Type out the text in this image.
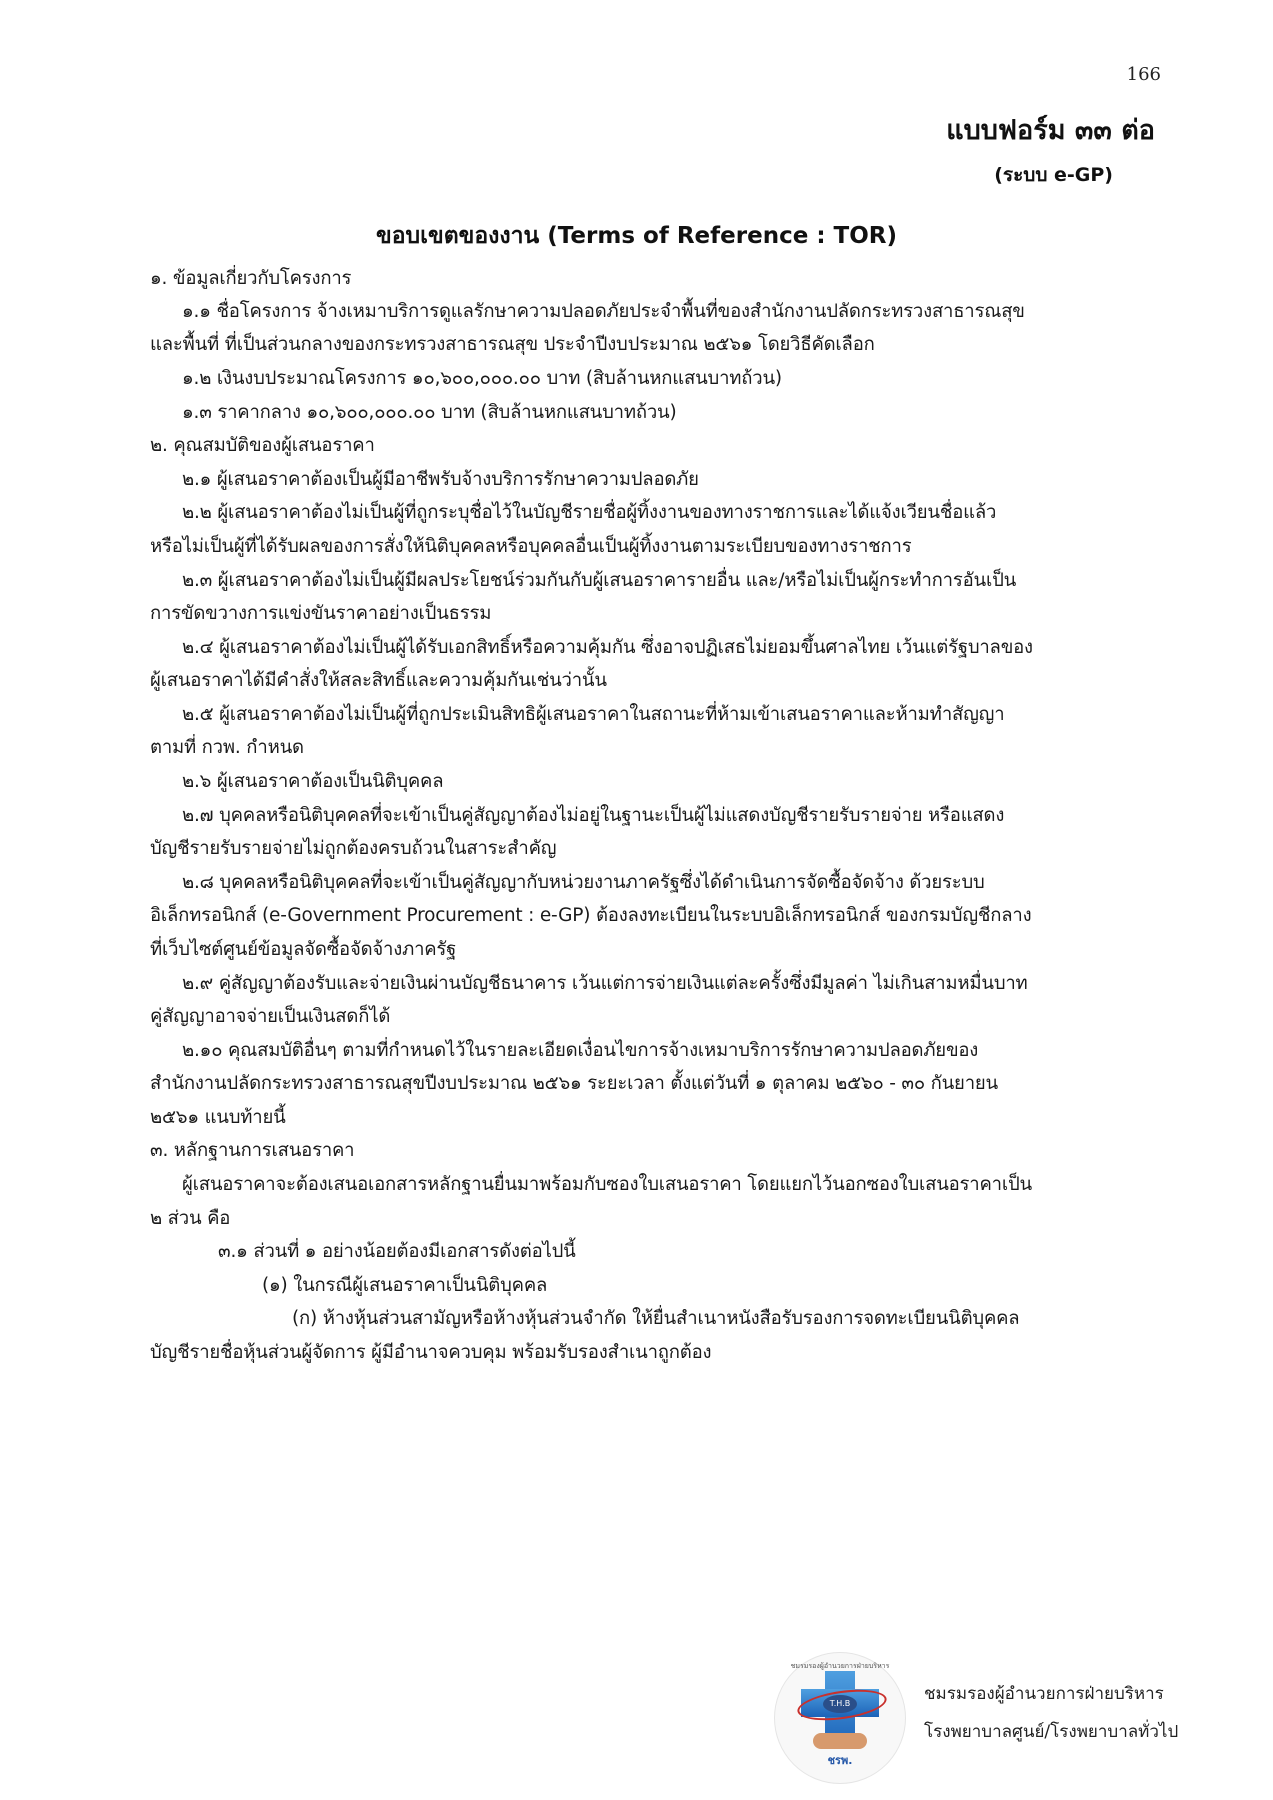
166
แบบฟอร์ม ๓๓ ต่อ
(ระบบ e-GP)
ขอบเขตของงาน (Terms of Reference : TOR)
๑. ข้อมูลเกี่ยวกับโครงการ
๑.๑ ชื่อโครงการ จ้างเหมาบริการดูแลรักษาความปลอดภัยประจำพื้นที่ของสำนักงานปลัดกระทรวงสาธารณสุข
และพื้นที่ ที่เป็นส่วนกลางของกระทรวงสาธารณสุข ประจำปีงบประมาณ ๒๕๖๑ โดยวิธีคัดเลือก
๑.๒ เงินงบประมาณโครงการ ๑๐,๖๐๐,๐๐๐.๐๐ บาท (สิบล้านหกแสนบาทถ้วน)
๑.๓ ราคากลาง ๑๐,๖๐๐,๐๐๐.๐๐ บาท (สิบล้านหกแสนบาทถ้วน)
๒. คุณสมบัติของผู้เสนอราคา
๒.๑ ผู้เสนอราคาต้องเป็นผู้มีอาชีพรับจ้างบริการรักษาความปลอดภัย
๒.๒ ผู้เสนอราคาต้องไม่เป็นผู้ที่ถูกระบุชื่อไว้ในบัญชีรายชื่อผู้ทิ้งงานของทางราชการและได้แจ้งเวียนชื่อแล้ว
หรือไม่เป็นผู้ที่ได้รับผลของการสั่งให้นิติบุคคลหรือบุคคลอื่นเป็นผู้ทิ้งงานตามระเบียบของทางราชการ
๒.๓ ผู้เสนอราคาต้องไม่เป็นผู้มีผลประโยชน์ร่วมกันกับผู้เสนอราคารายอื่น และ/หรือไม่เป็นผู้กระทำการอันเป็น
การขัดขวางการแข่งขันราคาอย่างเป็นธรรม
๒.๔ ผู้เสนอราคาต้องไม่เป็นผู้ได้รับเอกสิทธิ์หรือความคุ้มกัน ซึ่งอาจปฏิเสธไม่ยอมขึ้นศาลไทย เว้นแต่รัฐบาลของ
ผู้เสนอราคาได้มีคำสั่งให้สละสิทธิ์และความคุ้มกันเช่นว่านั้น
๒.๕ ผู้เสนอราคาต้องไม่เป็นผู้ที่ถูกประเมินสิทธิผู้เสนอราคาในสถานะที่ห้ามเข้าเสนอราคาและห้ามทำสัญญา
ตามที่ กวพ. กำหนด
๒.๖ ผู้เสนอราคาต้องเป็นนิติบุคคล
๒.๗ บุคคลหรือนิติบุคคลที่จะเข้าเป็นคู่สัญญาต้องไม่อยู่ในฐานะเป็นผู้ไม่แสดงบัญชีรายรับรายจ่าย หรือแสดง
บัญชีรายรับรายจ่ายไม่ถูกต้องครบถ้วนในสาระสำคัญ
๒.๘ บุคคลหรือนิติบุคคลที่จะเข้าเป็นคู่สัญญากับหน่วยงานภาครัฐซึ่งได้ดำเนินการจัดซื้อจัดจ้าง ด้วยระบบ
อิเล็กทรอนิกส์ (e-Government Procurement : e-GP) ต้องลงทะเบียนในระบบอิเล็กทรอนิกส์ ของกรมบัญชีกลาง
ที่เว็บไซต์ศูนย์ข้อมูลจัดซื้อจัดจ้างภาครัฐ
๒.๙ คู่สัญญาต้องรับและจ่ายเงินผ่านบัญชีธนาคาร เว้นแต่การจ่ายเงินแต่ละครั้งซึ่งมีมูลค่า ไม่เกินสามหมื่นบาท
คู่สัญญาอาจจ่ายเป็นเงินสดก็ได้
๒.๑๐ คุณสมบัติอื่นๆ ตามที่กำหนดไว้ในรายละเอียดเงื่อนไขการจ้างเหมาบริการรักษาความปลอดภัยของ
สำนักงานปลัดกระทรวงสาธารณสุขปีงบประมาณ ๒๕๖๑ ระยะเวลา ตั้งแต่วันที่ ๑ ตุลาคม ๒๕๖๐ - ๓๐ กันยายน
๒๕๖๑ แนบท้ายนี้
๓. หลักฐานการเสนอราคา
ผู้เสนอราคาจะต้องเสนอเอกสารหลักฐานยื่นมาพร้อมกับซองใบเสนอราคา โดยแยกไว้นอกซองใบเสนอราคาเป็น
๒ ส่วน คือ
๓.๑ ส่วนที่ ๑ อย่างน้อยต้องมีเอกสารดังต่อไปนี้
(๑) ในกรณีผู้เสนอราคาเป็นนิติบุคคล
(ก) ห้างหุ้นส่วนสามัญหรือห้างหุ้นส่วนจำกัด ให้ยื่นสำเนาหนังสือรับรองการจดทะเบียนนิติบุคคล
บัญชีรายชื่อหุ้นส่วนผู้จัดการ ผู้มีอำนาจควบคุม พร้อมรับรองสำเนาถูกต้อง
ชมรมรองผู้อำนวยการฝ่ายบริหาร
T.H.B
ชรพ.
ชมรมรองผู้อำนวยการฝ่ายบริหาร
โรงพยาบาลศูนย์/โรงพยาบาลทั่วไป
